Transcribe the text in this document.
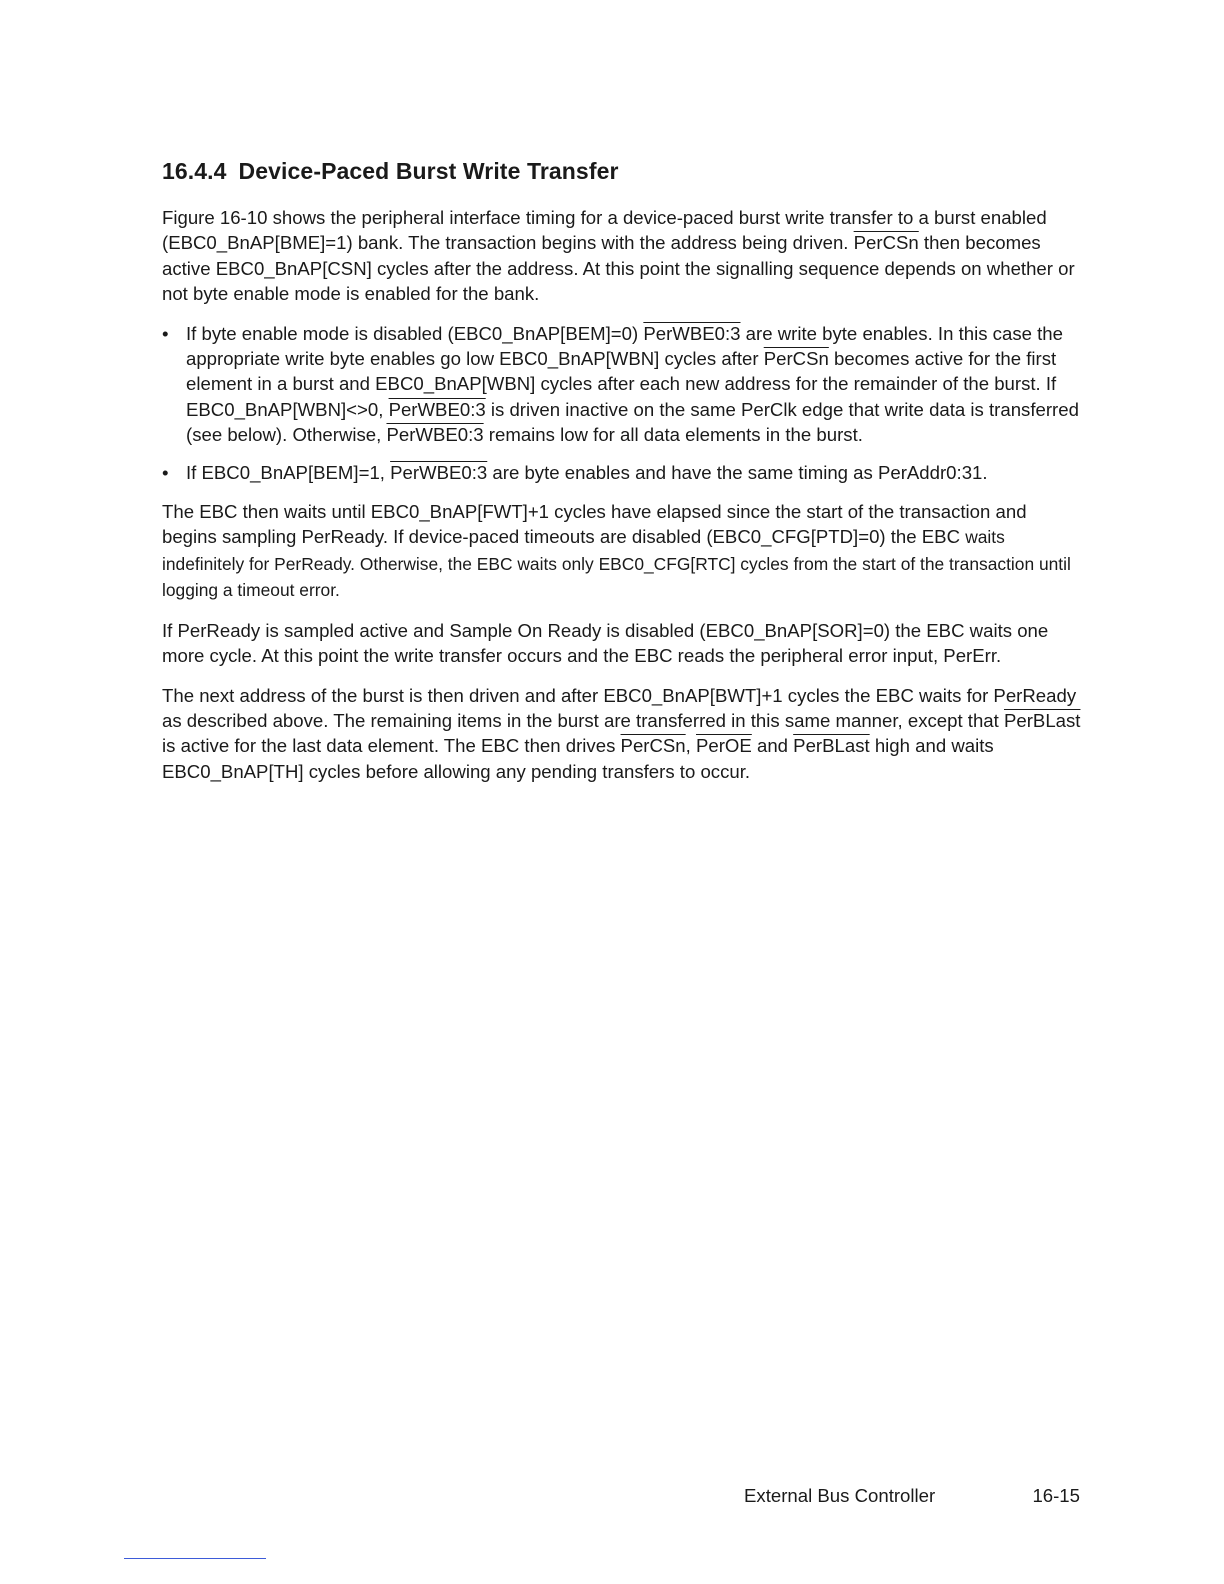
16.4.4 Device-Paced Burst Write Transfer

Figure 16-10 shows the peripheral interface timing for a device-paced burst write transfer to a burst enabled (EBC0_BnAP[BME]=1) bank. The transaction begins with the address being driven. PerCSn then becomes active EBC0_BnAP[CSN] cycles after the address. At this point the signalling sequence depends on whether or not byte enable mode is enabled for the bank.

• If byte enable mode is disabled (EBC0_BnAP[BEM]=0) PerWBE0:3 are write byte enables. In this case the appropriate write byte enables go low EBC0_BnAP[WBN] cycles after PerCSn becomes active for the first element in a burst and EBC0_BnAP[WBN] cycles after each new address for the remainder of the burst. If EBC0_BnAP[WBN]<>0, PerWBE0:3 is driven inactive on the same PerClk edge that write data is transferred (see below). Otherwise, PerWBE0:3 remains low for all data elements in the burst.
• If EBC0_BnAP[BEM]=1, PerWBE0:3 are byte enables and have the same timing as PerAddr0:31.

The EBC then waits until EBC0_BnAP[FWT]+1 cycles have elapsed since the start of the transaction and begins sampling PerReady. If device-paced timeouts are disabled (EBC0_CFG[PTD]=0) the EBC waits indefinitely for PerReady. Otherwise, the EBC waits only EBC0_CFG[RTC] cycles from the start of the transaction until logging a timeout error.

If PerReady is sampled active and Sample On Ready is disabled (EBC0_BnAP[SOR]=0) the EBC waits one more cycle. At this point the write transfer occurs and the EBC reads the peripheral error input, PerErr.

The next address of the burst is then driven and after EBC0_BnAP[BWT]+1 cycles the EBC waits for PerReady as described above. The remaining items in the burst are transferred in this same manner, except that PerBLast is active for the last data element. The EBC then drives PerCSn, PerOE and PerBLast high and waits EBC0_BnAP[TH] cycles before allowing any pending transfers to occur.

External Bus Controller	16-15
